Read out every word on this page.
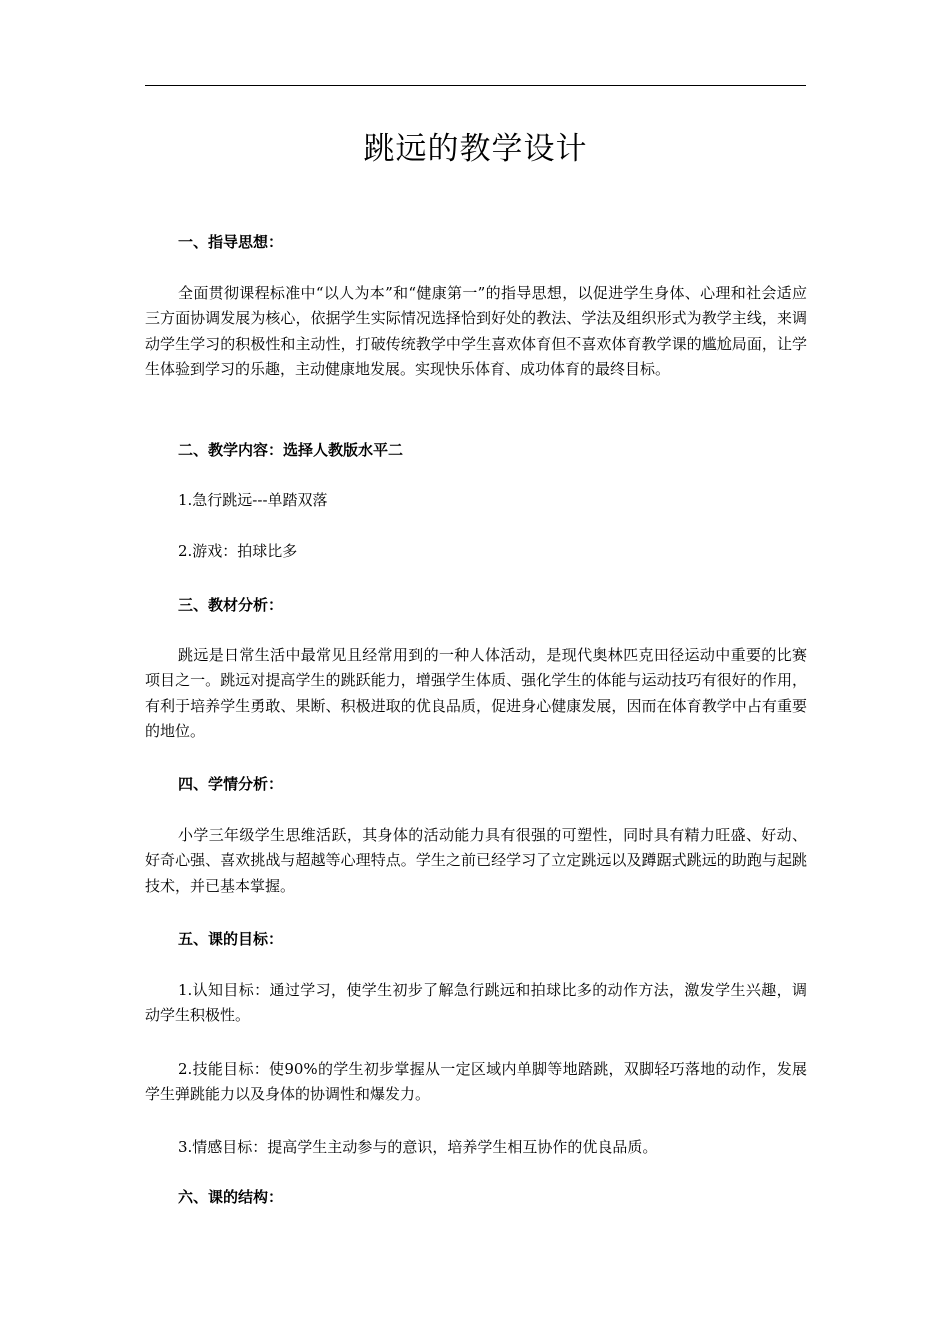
跳远的教学设计
一、指导思想：
全面贯彻课程标准中“以人为本”和“健康第一”的指导思想，以促进学生身体、心理和社会适应三方面协调发展为核心，依据学生实际情况选择恰到好处的教法、学法及组织形式为教学主线，来调动学生学习的积极性和主动性，打破传统教学中学生喜欢体育但不喜欢体育教学课的尴尬局面，让学生体验到学习的乐趣，主动健康地发展。实现快乐体育、成功体育的最终目标。
二、教学内容：选择人教版水平二
1.急行跳远---单踏双落
2.游戏：拍球比多
三、教材分析：
跳远是日常生活中最常见且经常用到的一种人体活动，是现代奥林匹克田径运动中重要的比赛项目之一。跳远对提高学生的跳跃能力，增强学生体质、强化学生的体能与运动技巧有很好的作用，有利于培养学生勇敢、果断、积极进取的优良品质，促进身心健康发展，因而在体育教学中占有重要的地位。
四、学情分析：
小学三年级学生思维活跃，其身体的活动能力具有很强的可塑性，同时具有精力旺盛、好动、好奇心强、喜欢挑战与超越等心理特点。学生之前已经学习了立定跳远以及蹲踞式跳远的助跑与起跳技术，并已基本掌握。
五、课的目标：
1.认知目标：通过学习，使学生初步了解急行跳远和拍球比多的动作方法，激发学生兴趣，调动学生积极性。
2.技能目标：使90%的学生初步掌握从一定区域内单脚等地踏跳，双脚轻巧落地的动作，发展学生弹跳能力以及身体的协调性和爆发力。
3.情感目标：提高学生主动参与的意识，培养学生相互协作的优良品质。
六、课的结构：
